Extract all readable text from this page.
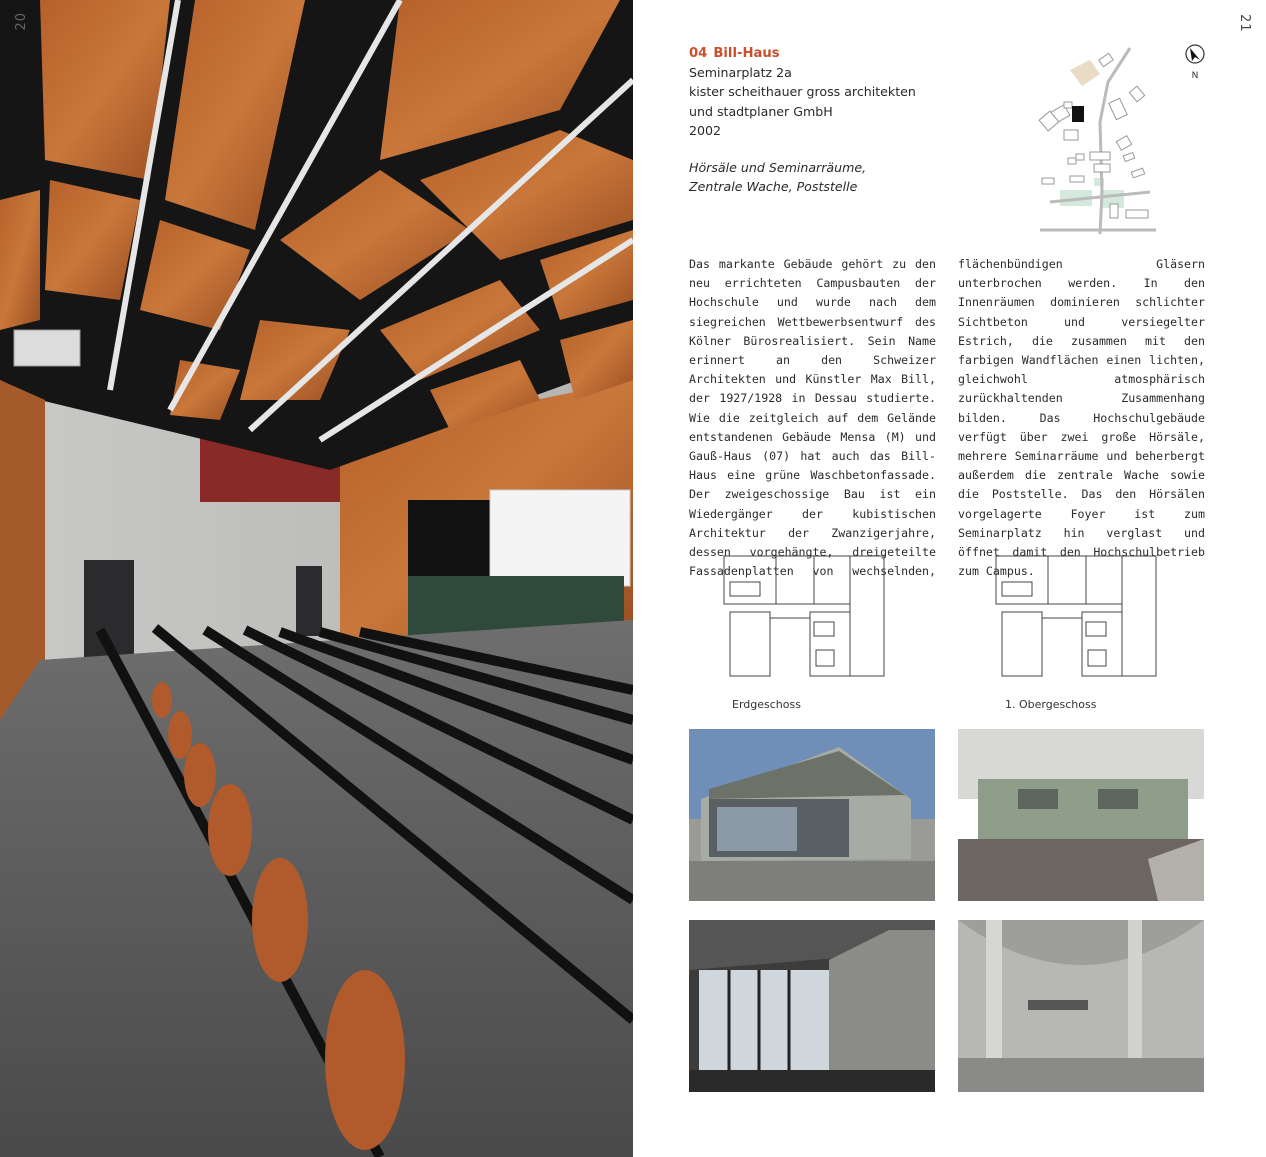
20	21
04 Bill-Haus
Seminarplatz 2a
kister scheithauer gross architekten
und stadtplaner GmbH
2002
Hörsäle und Seminarräume,
Zentrale Wache, Poststelle
N
Das markante Gebäude gehört zu den neu errichteten Campusbauten der Hochschule und wurde nach dem siegreichen Wettbewerbsentwurf des Kölner Bürosrealisiert. Sein Name erinnert an den Schweizer Architekten und Künstler Max Bill, der 1927/1928 in Dessau studierte. Wie die zeitgleich auf dem Gelände entstandenen Gebäude Mensa (M) und Gauß-Haus (07) hat auch das Bill-Haus eine grüne Waschbetonfassade. Der zweigeschossige Bau ist ein Wiedergänger der kubistischen Architektur der Zwanzigerjahre, dessen vorgehängte, dreigeteilte Fassadenplatten von wechselnden, flächenbündigen Gläsern unterbrochen werden. In den Innenräumen dominieren schlichter Sichtbeton und versiegelter Estrich, die zusammen mit den farbigen Wandflächen einen lichten, gleichwohl atmosphärisch zurückhaltenden Zusammenhang bilden. Das Hochschulgebäude verfügt über zwei große Hörsäle, mehrere Seminarräume und beherbergt außerdem die zentrale Wache sowie die Poststelle. Das den Hörsälen vorgelagerte Foyer ist zum Seminarplatz hin verglast und öffnet damit den Hochschulbetrieb zum Campus.
Erdgeschoss	1. Obergeschoss
